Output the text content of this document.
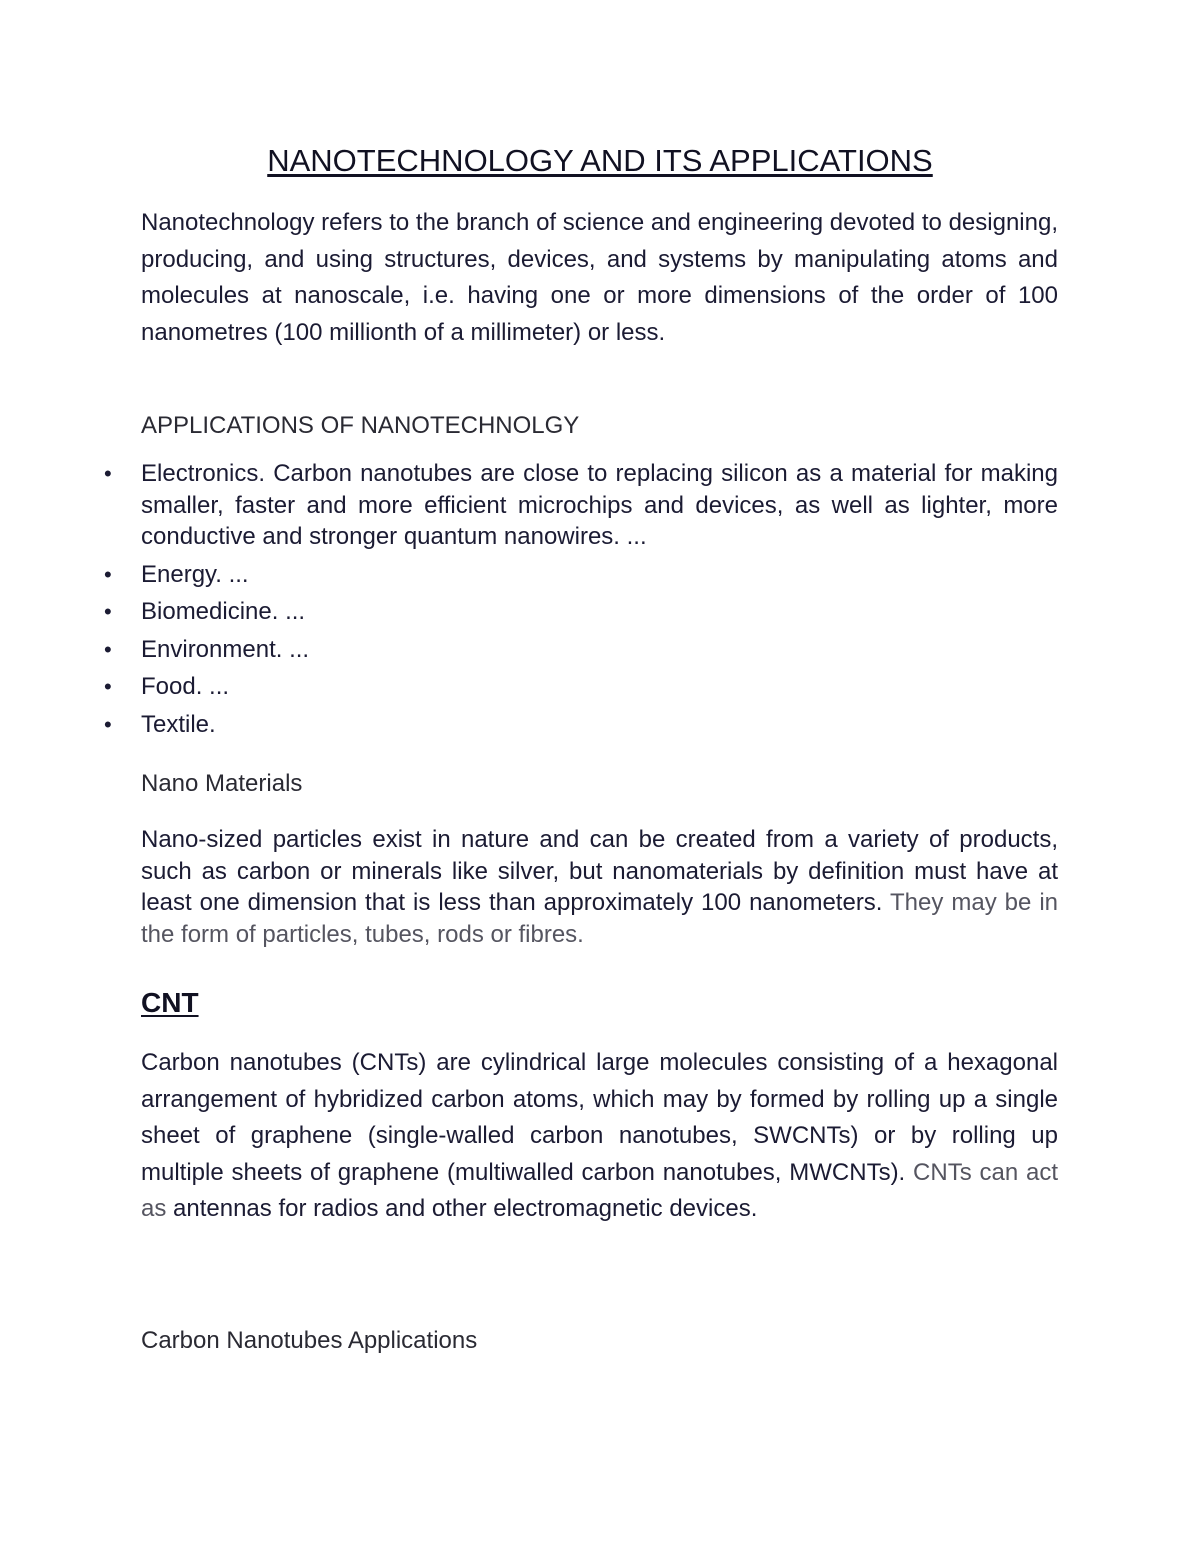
NANOTECHNOLOGY AND ITS APPLICATIONS

Nanotechnology refers to the branch of science and engineering devoted to designing, producing, and using structures, devices, and systems by manipulating atoms and molecules at nanoscale, i.e. having one or more dimensions of the order of 100 nanometres (100 millionth of a millimeter) or less.

APPLICATIONS OF NANOTECHNOLGY
• Electronics. Carbon nanotubes are close to replacing silicon as a material for making smaller, faster and more efficient microchips and devices, as well as lighter, more conductive and stronger quantum nanowires. ...
• Energy. ...
• Biomedicine. ...
• Environment. ...
• Food. ...
• Textile.
Nano Materials

Nano-sized particles exist in nature and can be created from a variety of products, such as carbon or minerals like silver, but nanomaterials by definition must have at least one dimension that is less than approximately 100 nanometers. They may be in the form of particles, tubes, rods or fibres.

CNT

Carbon nanotubes (CNTs) are cylindrical large molecules consisting of a hexagonal arrangement of hybridized carbon atoms, which may by formed by rolling up a single sheet of graphene (single-walled carbon nanotubes, SWCNTs) or by rolling up multiple sheets of graphene (multiwalled carbon nanotubes, MWCNTs). CNTs can act as antennas for radios and other electromagnetic devices.

Carbon Nanotubes Applications
